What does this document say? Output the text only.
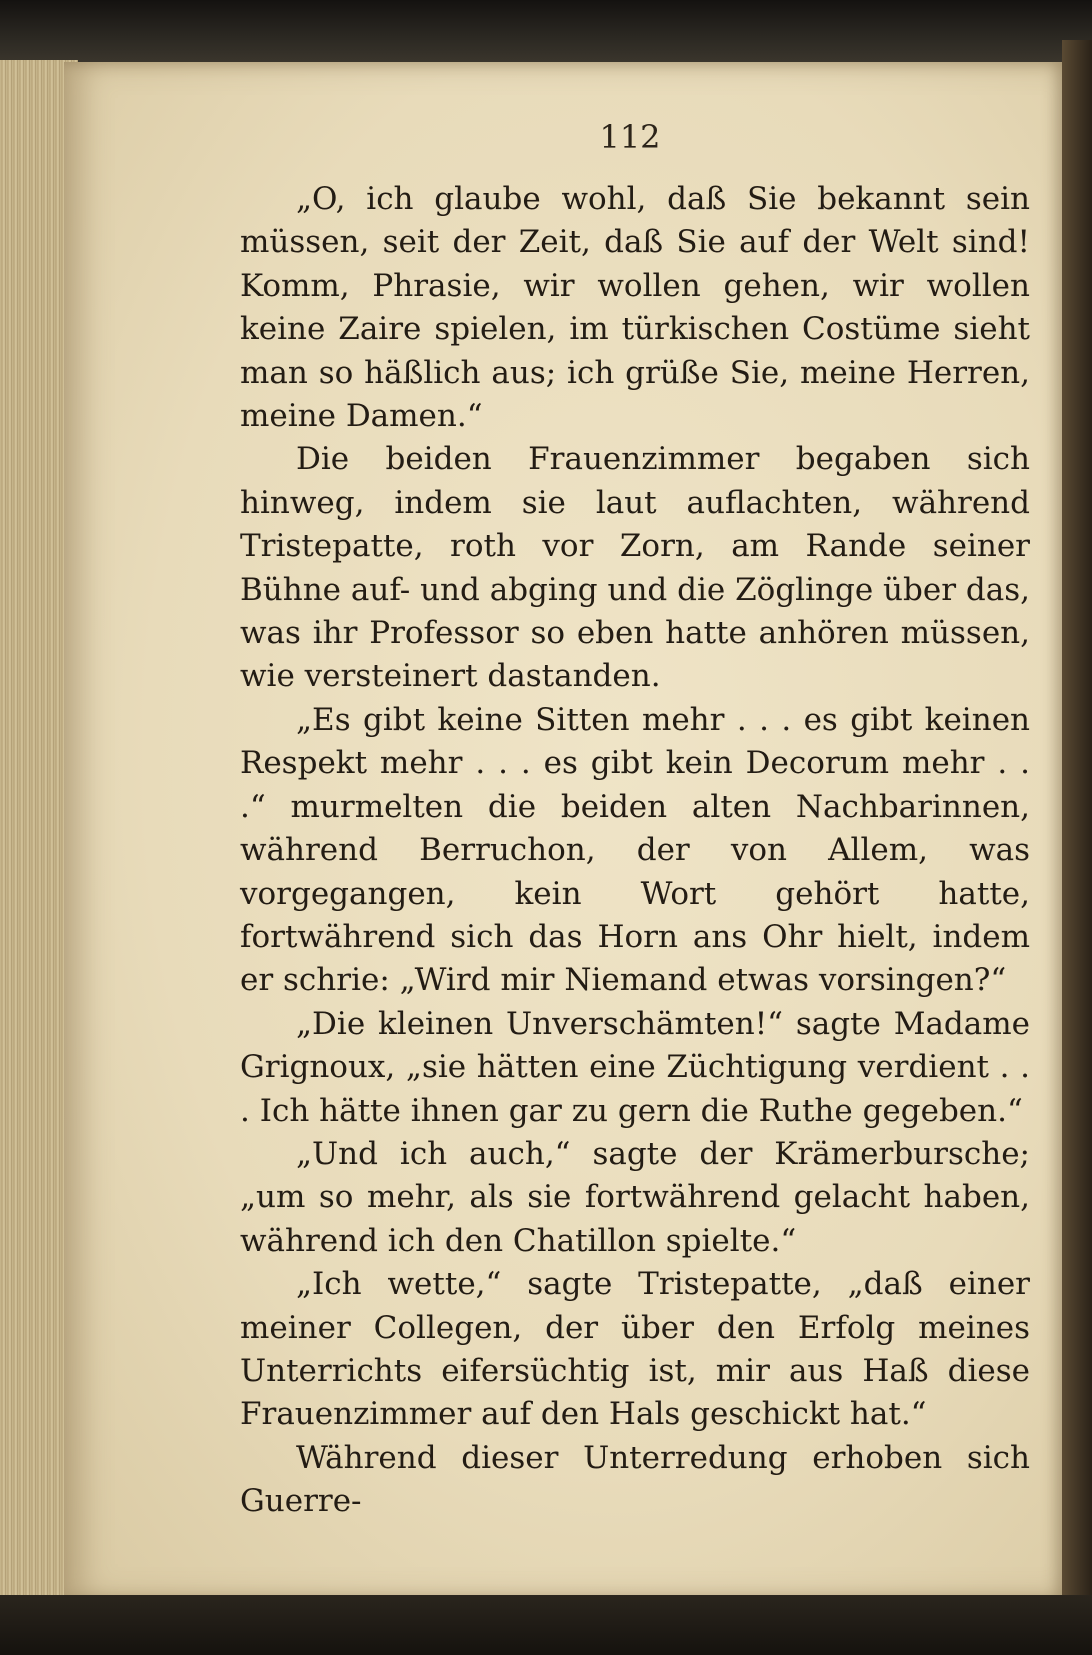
112

„O, ich glaube wohl, daß Sie bekannt sein müssen, seit der Zeit, daß Sie auf der Welt sind! Komm, Phrasie, wir wollen gehen, wir wollen keine Zaire spielen, im türkischen Costüme sieht man so häßlich aus; ich grüße Sie, meine Herren, meine Damen.“

Die beiden Frauenzimmer begaben sich hinweg, indem sie laut auflachten, während Tristepatte, roth vor Zorn, am Rande seiner Bühne auf- und abging und die Zöglinge über das, was ihr Professor so eben hatte anhören müssen, wie versteinert dastanden.

„Es gibt keine Sitten mehr . . . es gibt keinen Respekt mehr . . . es gibt kein Decorum mehr . . .“ murmelten die beiden alten Nachbarinnen, während Berruchon, der von Allem, was vorgegangen, kein Wort gehört hatte, fortwährend sich das Horn ans Ohr hielt, indem er schrie: „Wird mir Niemand etwas vorsingen?“

„Die kleinen Unverschämten!“ sagte Madame Grignoux, „sie hätten eine Züchtigung verdient . . . Ich hätte ihnen gar zu gern die Ruthe gegeben.“

„Und ich auch,“ sagte der Krämerbursche; „um so mehr, als sie fortwährend gelacht haben, während ich den Chatillon spielte.“

„Ich wette,“ sagte Tristepatte, „daß einer meiner Collegen, der über den Erfolg meines Unterrichts eifersüchtig ist, mir aus Haß diese Frauenzimmer auf den Hals geschickt hat.“

Während dieser Unterredung erhoben sich Guerre-
